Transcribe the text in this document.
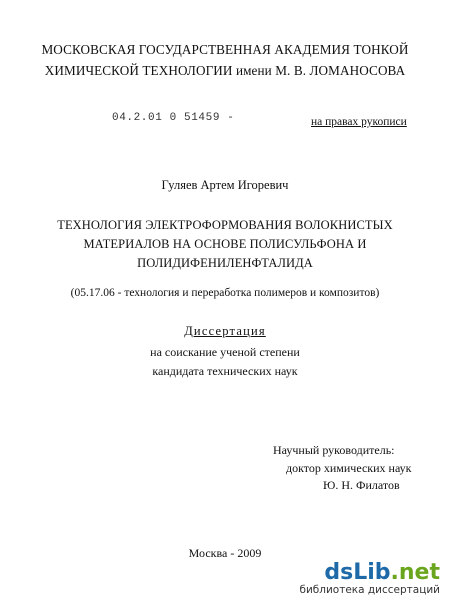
МОСКОВСКАЯ ГОСУДАРСТВЕННАЯ АКАДЕМИЯ ТОНКОЙ
ХИМИЧЕСКОЙ ТЕХНОЛОГИИ имени М. В. ЛОМАНОСОВА
04.2.01 0 51459 -	на правах рукописи
Гуляев Артем Игоревич
ТЕХНОЛОГИЯ ЭЛЕКТРОФОРМОВАНИЯ ВОЛОКНИСТЫХ
МАТЕРИАЛОВ НА ОСНОВЕ ПОЛИСУЛЬФОНА И
ПОЛИДИФЕНИЛЕНФТАЛИДА
(05.17.06 - технология и переработка полимеров и композитов)
Диссертация
на соискание ученой степени
кандидата технических наук
Научный руководитель:
доктор химических наук
Ю. Н. Филатов
Москва - 2009
dsLib.net
библиотека диссертаций
